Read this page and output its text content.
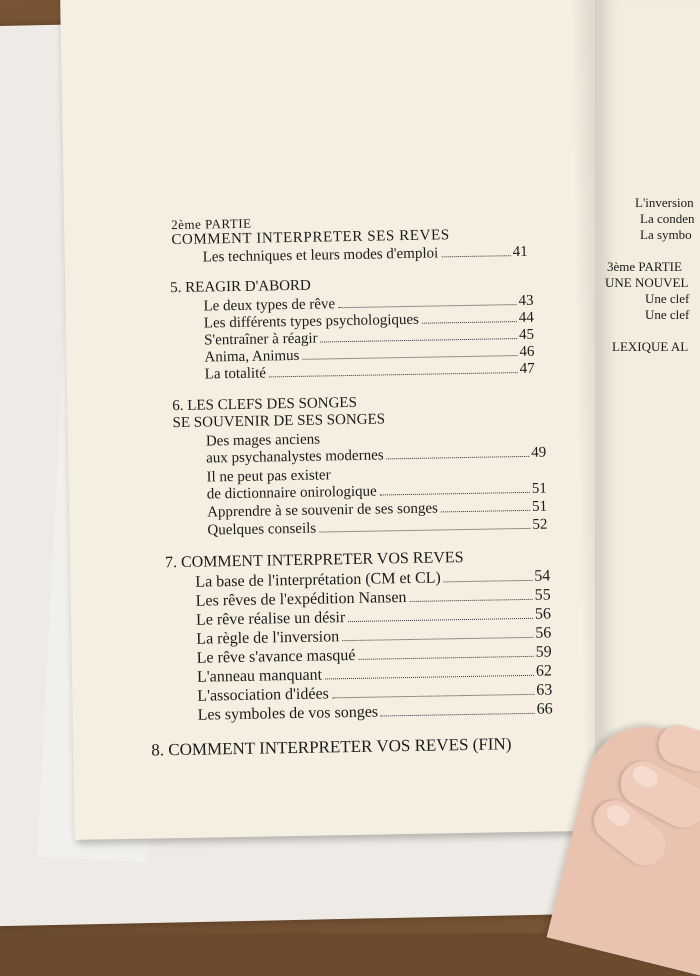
2ème PARTIE
COMMENT INTERPRETER SES REVES
Les techniques et leurs modes d'emploi	41
5. REAGIR D'ABORD
Le deux types de rêve	43
Les différents types psychologiques	44
S'entraîner à réagir	45
Anima, Animus	46
La totalité	47
6. LES CLEFS DES SONGES
SE SOUVENIR DE SES SONGES
Des mages anciens
aux psychanalystes modernes	49
Il ne peut pas exister
de dictionnaire onirologique	51
Apprendre à se souvenir de ses songes	51
Quelques conseils	52
7. COMMENT INTERPRETER VOS REVES
La base de l'interprétation (CM et CL)	54
Les rêves de l'expédition Nansen	55
Le rêve réalise un désir	56
La règle de l'inversion	56
Le rêve s'avance masqué	59
L'anneau manquant	62
L'association d'idées	63
Les symboles de vos songes	66
8. COMMENT INTERPRETER VOS REVES (FIN)
L'inversion
La conden
La symbo
3ème PARTIE
UNE NOUVEL
Une clef
Une clef
LEXIQUE AL
